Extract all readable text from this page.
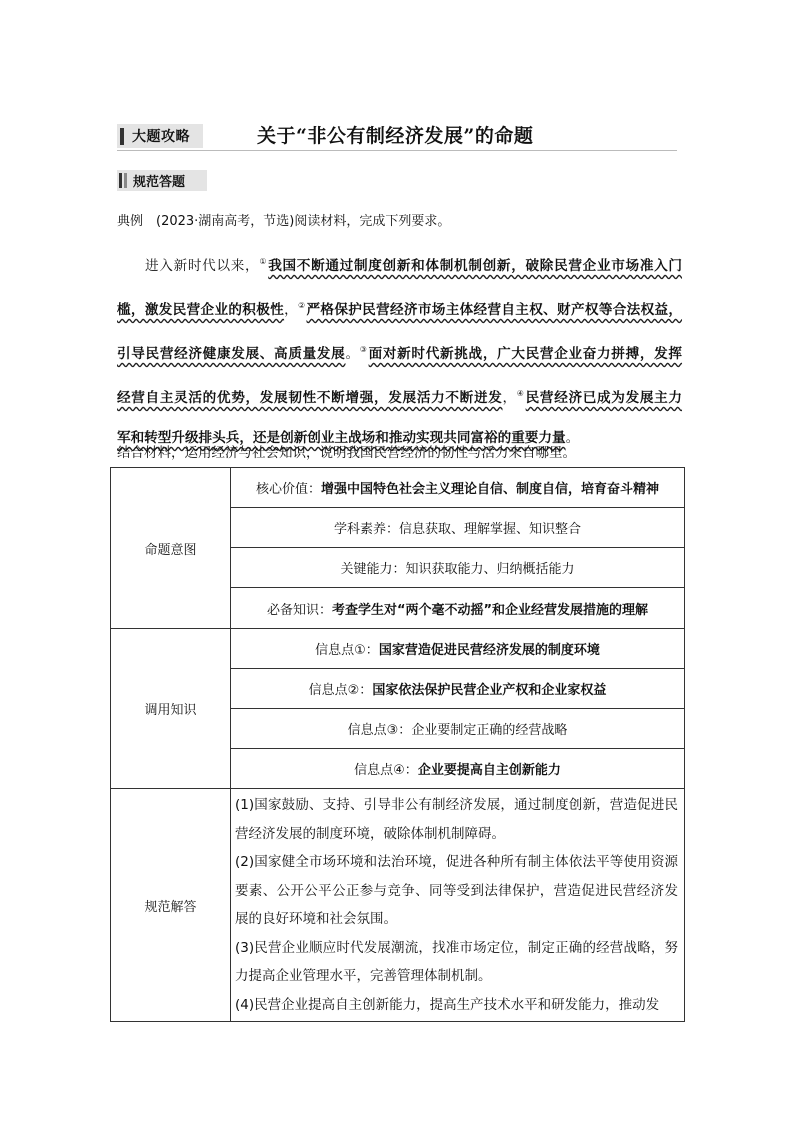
大题攻略	关于“非公有制经济发展”的命题
规范答题
典例　(2023·湖南高考，节选)阅读材料，完成下列要求。
进入新时代以来，①我国不断通过制度创新和体制机制创新，破除民营企业市场准入门
槛，激发民营企业的积极性，②严格保护民营经济市场主体经营自主权、财产权等合法权益，
引导民营经济健康发展、高质量发展。③面对新时代新挑战，广大民营企业奋力拼搏，发挥
经营自主灵活的优势，发展韧性不断增强，发展活力不断迸发，④民营经济已成为发展主力
军和转型升级排头兵，还是创新创业主战场和推动实现共同富裕的重要力量。
结合材料，运用经济与社会知识，说明我国民营经济的韧性与活力来自哪里。
命题意图	核心价值：增强中国特色社会主义理论自信、制度自信，培育奋斗精神
	学科素养：信息获取、理解掌握、知识整合
	关键能力：知识获取能力、归纳概括能力
	必备知识：考查学生对“两个毫不动摇”和企业经营发展措施的理解
调用知识	信息点①：国家营造促进民营经济发展的制度环境
	信息点②：国家依法保护民营企业产权和企业家权益
	信息点③：企业要制定正确的经营战略
	信息点④：企业要提高自主创新能力
规范解答	(1)国家鼓励、支持、引导非公有制经济发展，通过制度创新，营造促进民营经济发展的制度环境，破除体制机制障碍。

(2)国家健全市场环境和法治环境，促进各种所有制主体依法平等使用资源要素、公开公平公正参与竞争、同等受到法律保护，营造促进民营经济发展的良好环境和社会氛围。

(3)民营企业顺应时代发展潮流，找准市场定位，制定正确的经营战略，努力提高企业管理水平，完善管理体制机制。

(4)民营企业提高自主创新能力，提高生产技术水平和研发能力，推动发
